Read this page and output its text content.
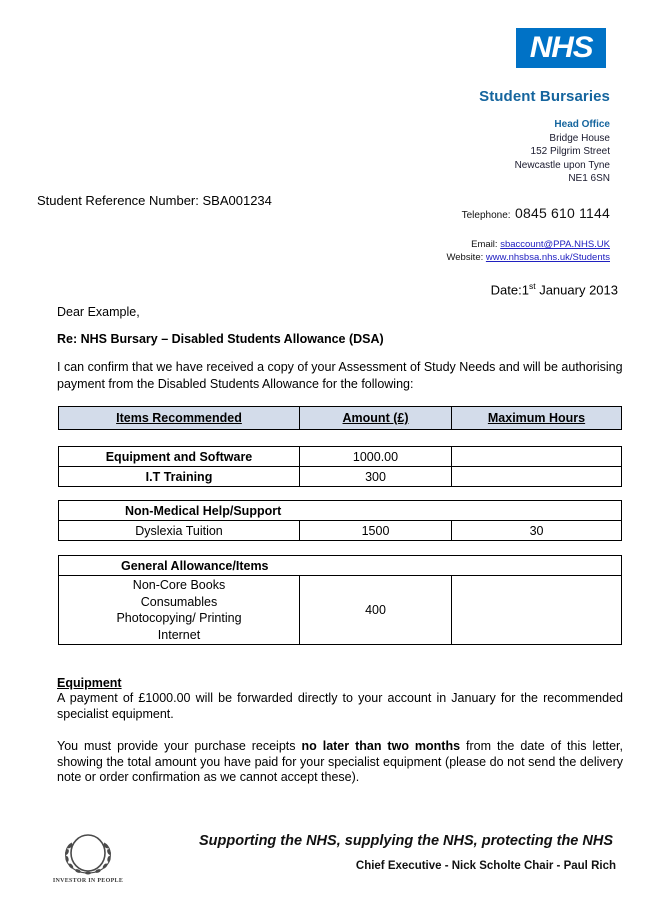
NHS
Student Bursaries
Head Office
Bridge House
152 Pilgrim Street
Newcastle upon Tyne
NE1 6SN
Telephone: 0845 610 1144
Email: sbaccount@PPA.NHS.UK
Website: www.nhsbsa.nhs.uk/Students
Student Reference Number: SBA001234
Date:1st January 2013

Dear Example,

Re: NHS Bursary – Disabled Students Allowance (DSA)

I can confirm that we have received a copy of your Assessment of Study Needs and will be authorising payment from the Disabled Students Allowance for the following:

Items Recommended	Amount (£)	Maximum Hours
Equipment and Software	1000.00	
I.T Training	300	
Non-Medical Help/Support
Dyslexia Tuition	1500	30
General Allowance/Items

Non-Core Books
Consumables
Photocopying/ Printing
Internet
	400	
Equipment

A payment of £1000.00 will be forwarded directly to your account in January for the recommended specialist equipment.

You must provide your purchase receipts no later than two months from the date of this letter, showing the total amount you have paid for your specialist equipment (please do not send the delivery note or order confirmation as we cannot accept these).

INVESTOR IN PEOPLE
Supporting the NHS, supplying the NHS, protecting the NHS
Chief Executive - Nick Scholte Chair - Paul Rich
